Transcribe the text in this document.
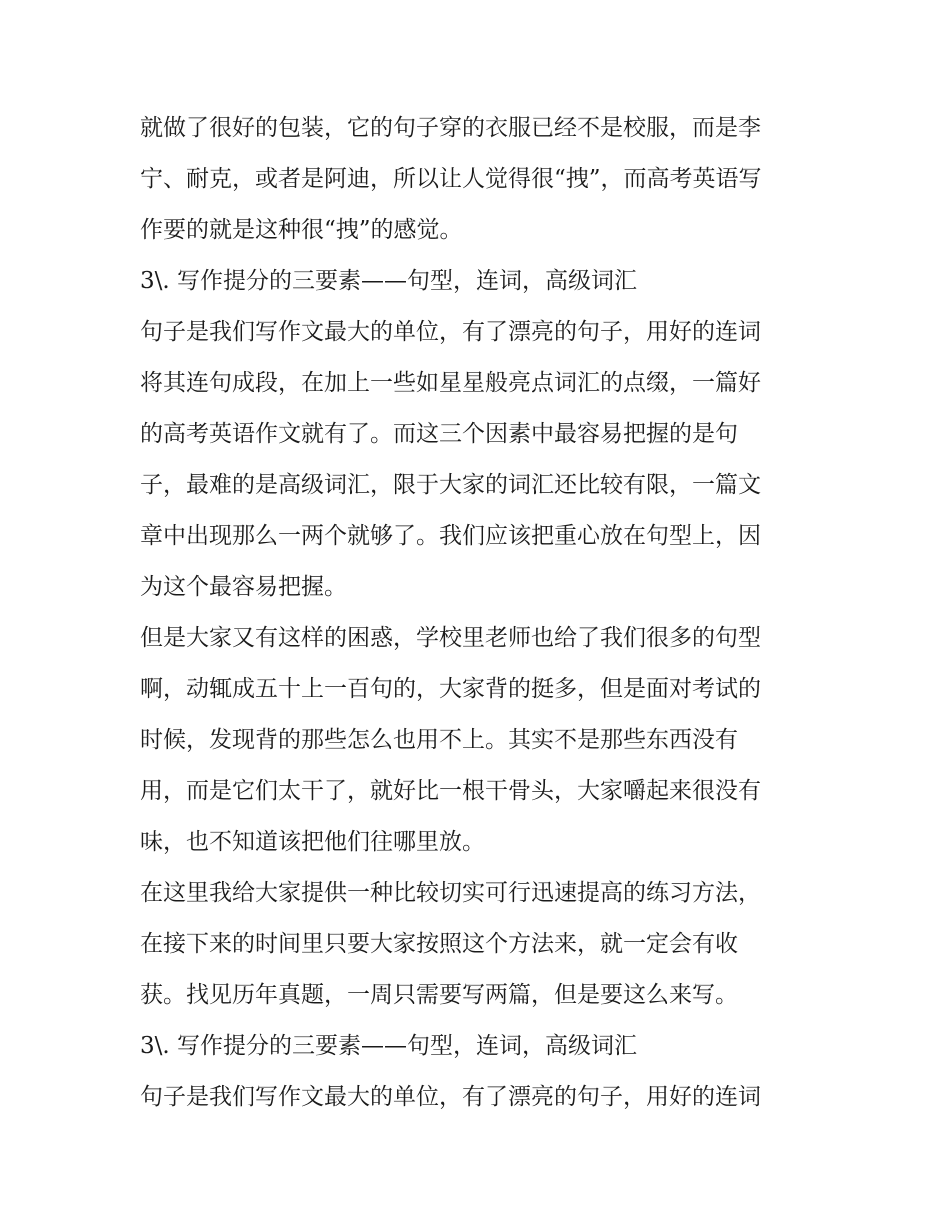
就做了很好的包装，它的句子穿的衣服已经不是校服，而是李
宁、耐克，或者是阿迪，所以让人觉得很“拽”，而高考英语写
作要的就是这种很“拽”的感觉。
3\. 写作提分的三要素——句型，连词，高级词汇
句子是我们写作文最大的单位，有了漂亮的句子，用好的连词
将其连句成段，在加上一些如星星般亮点词汇的点缀，一篇好
的高考英语作文就有了。而这三个因素中最容易把握的是句
子，最难的是高级词汇，限于大家的词汇还比较有限，一篇文
章中出现那么一两个就够了。我们应该把重心放在句型上，因
为这个最容易把握。
但是大家又有这样的困惑，学校里老师也给了我们很多的句型
啊，动辄成五十上一百句的，大家背的挺多，但是面对考试的
时候，发现背的那些怎么也用不上。其实不是那些东西没有
用，而是它们太干了，就好比一根干骨头，大家嚼起来很没有
味，也不知道该把他们往哪里放。
在这里我给大家提供一种比较切实可行迅速提高的练习方法，
在接下来的时间里只要大家按照这个方法来，就一定会有收
获。找见历年真题，一周只需要写两篇，但是要这么来写。
3\. 写作提分的三要素——句型，连词，高级词汇
句子是我们写作文最大的单位，有了漂亮的句子，用好的连词
